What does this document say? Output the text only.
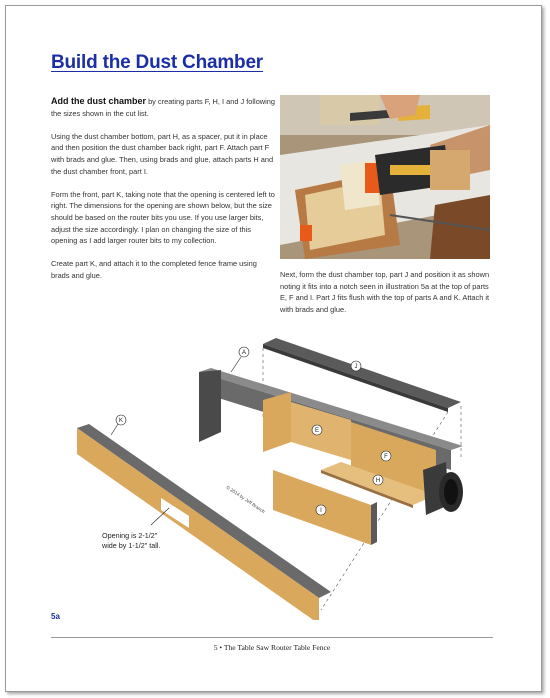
Build the Dust Chamber

Add the dust chamber by creating parts F, H, I and J following the sizes shown in the cut list.

Using the dust chamber bottom, part H, as a spacer, put it in place and then position the dust chamber back right, part F. Attach part F with brads and glue. Then, using brads and glue, attach parts H and the dust chamber front, part I.

Form the front, part K, taking note that the opening is centered left to right. The dimensions for the opening are shown below, but the size should be based on the router bits you use. If you use larger bits, adjust the size accordingly. I plan on changing the size of this opening as I add larger router bits to my collection.

Create part K, and attach it to the completed fence frame using brads and glue.	Next, form the dust chamber top, part J and position it as shown noting it fits into a notch seen in illustration 5a at the top of parts E, F and I. Part J fits flush with the top of parts A and K. Attach it with brads and glue.

A
J
K
E
F
H
I
© 2014 by Jeff Branch
Opening is 2-1/2"
wide by 1-1/2" tall.
5a
5 • The Table Saw Router Table Fence
